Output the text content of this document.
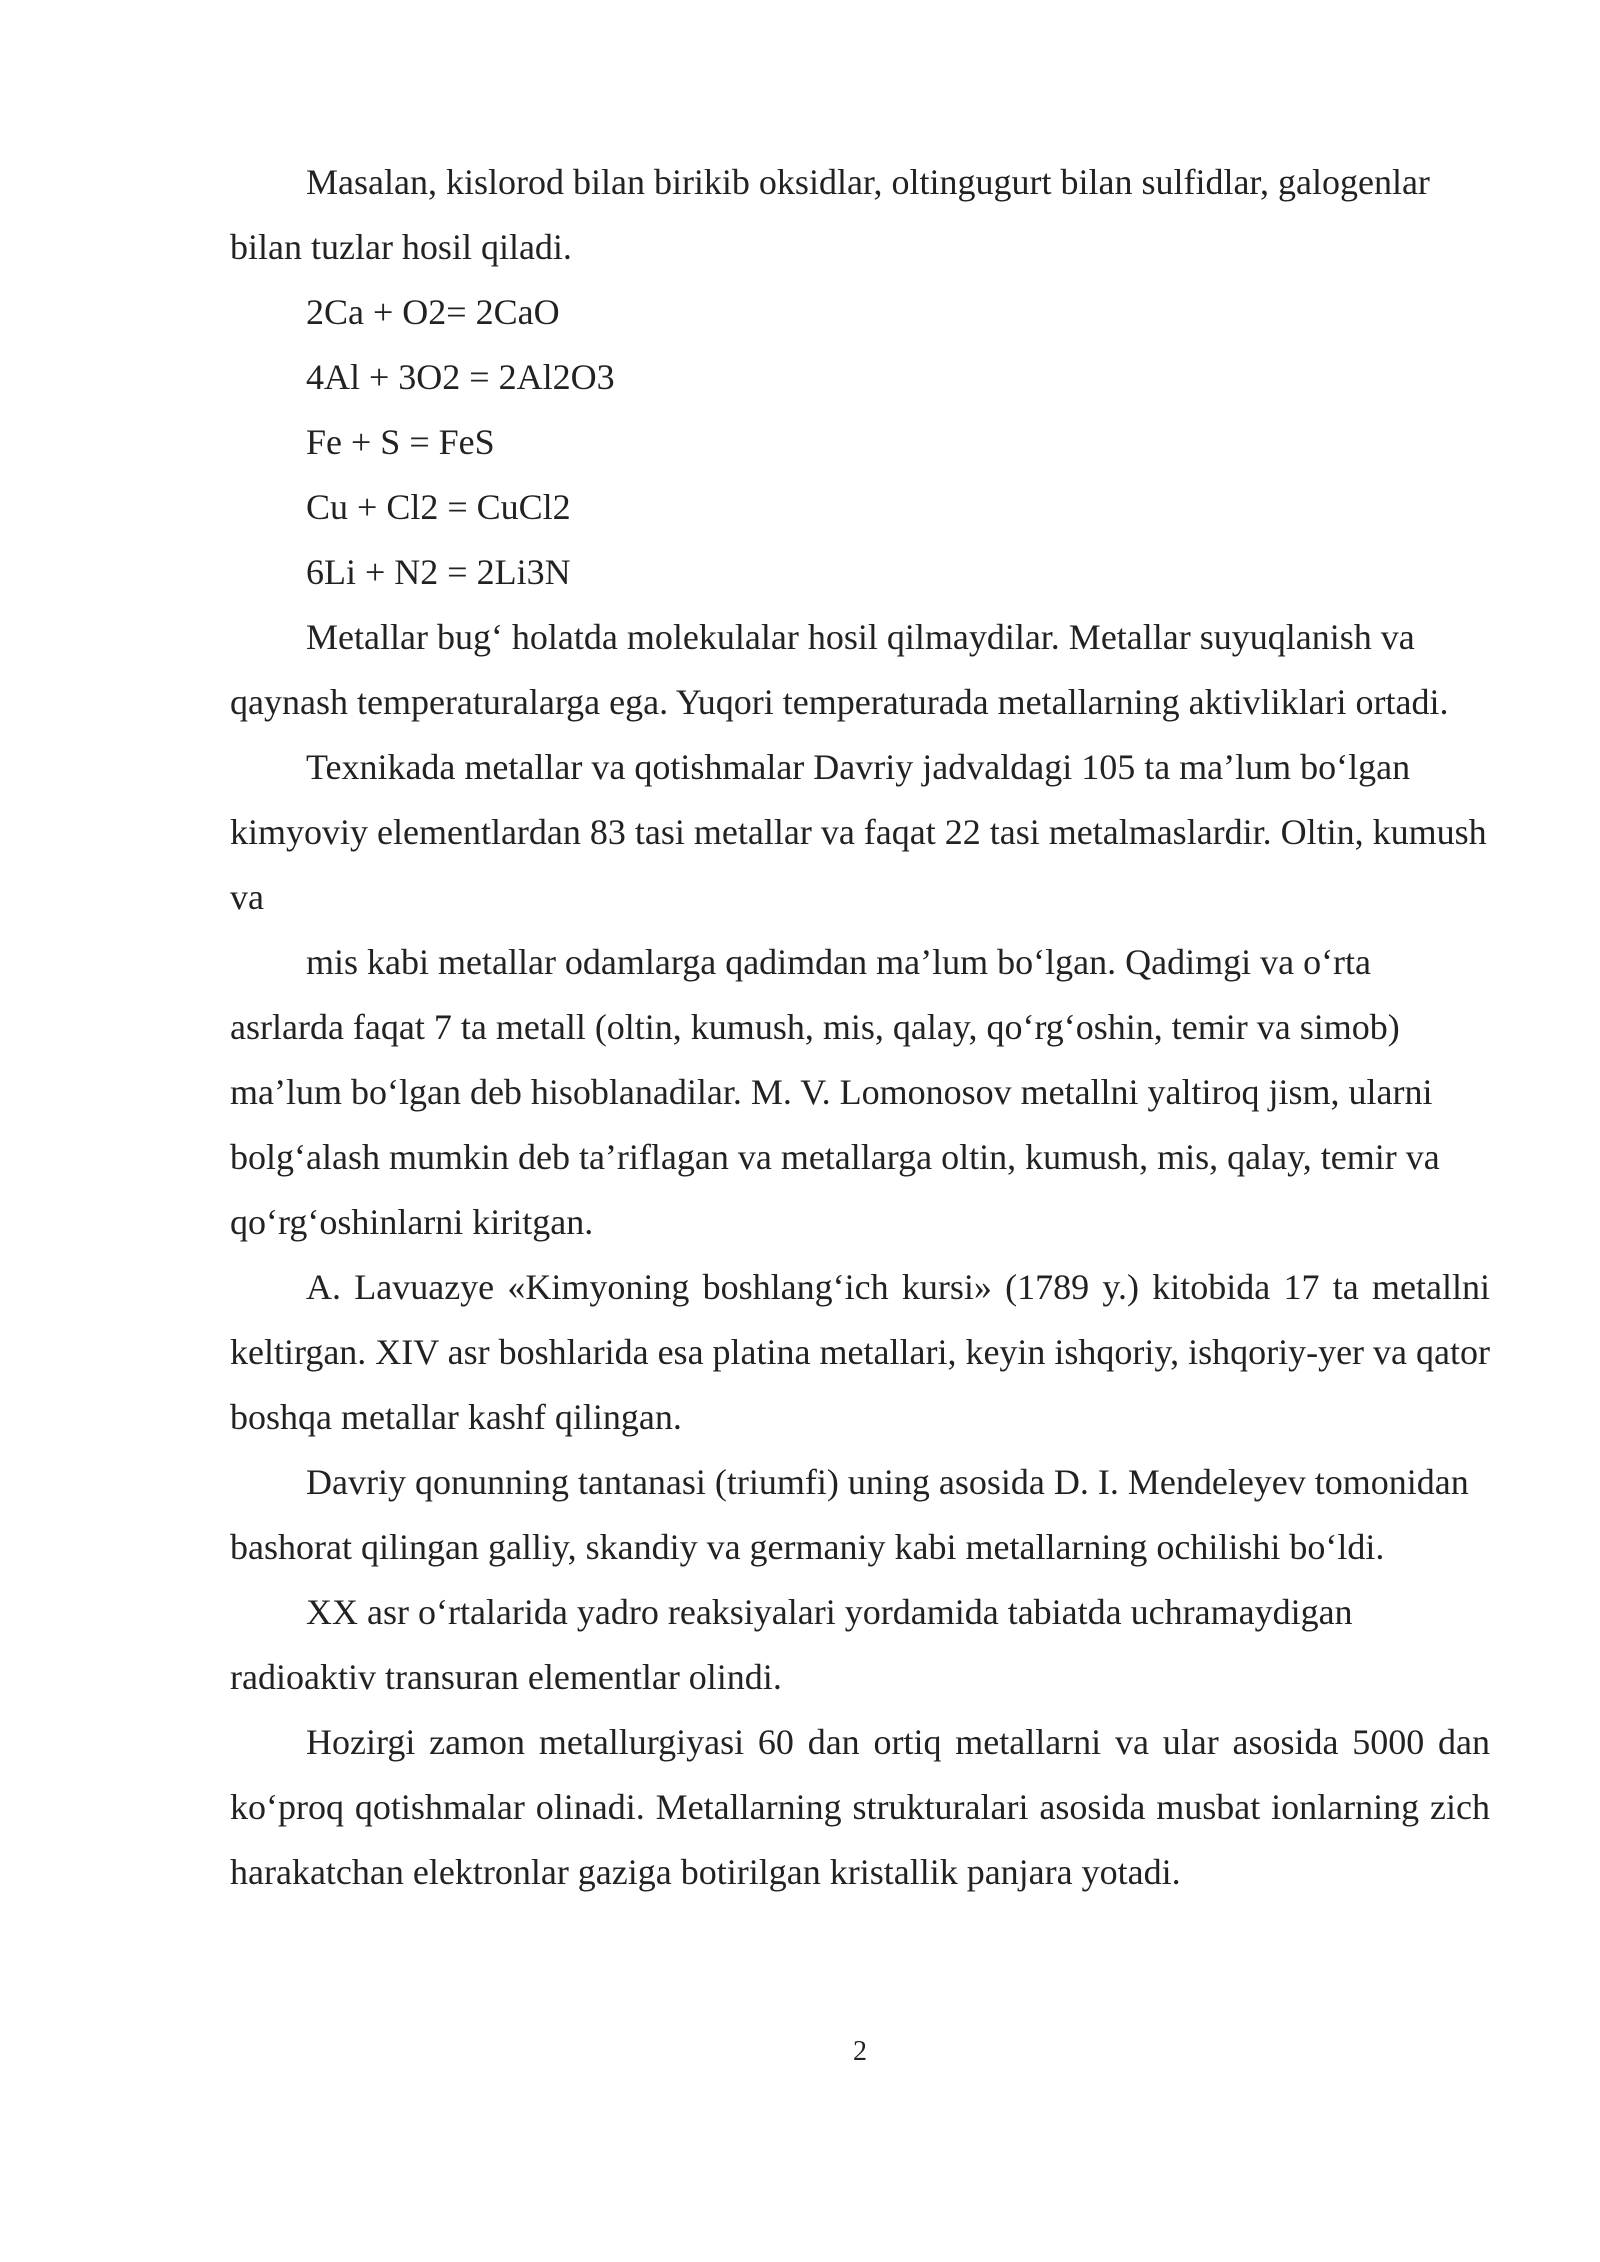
Masalan, kislorod bilan birikib oksidlar, oltingugurt bilan sulfidlar, galogenlar bilan tuzlar hosil qiladi.

2Ca + O2= 2CaO

4Al + 3O2 = 2Al2O3

Fe + S = FeS

Cu + Cl2 = CuCl2

6Li + N2 = 2Li3N

Metallar bug‘ holatda molekulalar hosil qilmaydilar. Metallar suyuqlanish va qaynash temperaturalarga ega. Yuqori temperaturada metallarning aktivliklari ortadi.

Texnikada metallar va qotishmalar Davriy jadvaldagi 105 ta ma’lum bo‘lgan kimyoviy elementlardan 83 tasi metallar va faqat 22 tasi metalmaslardir. Oltin, kumush va

mis kabi metallar odamlarga qadimdan ma’lum bo‘lgan. Qadimgi va o‘rta asrlarda faqat 7 ta metall (oltin, kumush, mis, qalay, qo‘rg‘oshin, temir va simob) ma’lum bo‘lgan deb hisoblanadilar. M. V. Lomonosov metallni yaltiroq jism, ularni bolg‘alash mumkin deb ta’riflagan va metallarga oltin, kumush, mis, qalay, temir va qo‘rg‘oshinlarni kiritgan.

A. Lavuazye «Kimyoning boshlang‘ich kursi» (1789 y.) kitobida 17 ta metallni keltirgan. XIV asr boshlarida esa platina metallari, keyin ishqoriy, ishqoriy-yer va qator boshqa metallar kashf qilingan.

Davriy qonunning tantanasi (triumfi) uning asosida D. I. Mendeleyev tomonidan bashorat qilingan galliy, skandiy va germaniy kabi metallarning ochilishi bo‘ldi.

XX asr o‘rtalarida yadro reaksiyalari yordamida tabiatda uchramaydigan radioaktiv transuran elementlar olindi.

Hozirgi zamon metallurgiyasi 60 dan ortiq metallarni va ular asosida 5000 dan ko‘proq qotishmalar olinadi. Metallarning strukturalari asosida musbat ionlarning zich harakatchan elektronlar gaziga botirilgan kristallik panjara yotadi.

2
